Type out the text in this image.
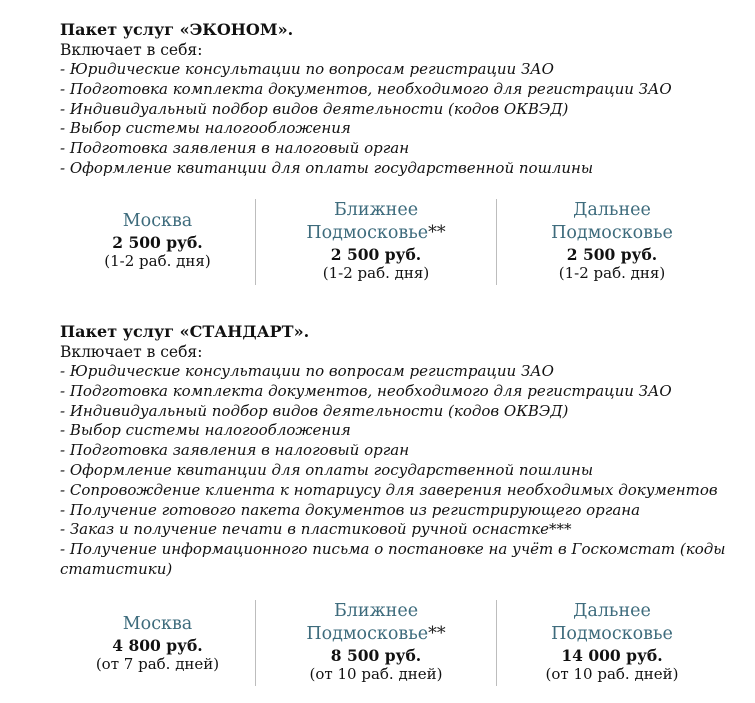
Пакет услуг «ЭКОНОМ».
Включает в себя:
- Юридические консультации по вопросам регистрации ЗАО
- Подготовка комплекта документов, необходимого для регистрации ЗАО
- Индивидуальный подбор видов деятельности (кодов ОКВЭД)
- Выбор системы налогообложения
- Подготовка заявления в налоговый орган
- Оформление квитанции для оплаты государственной пошлины
Москва
2 500 руб.
(1-2 раб. дня)
Ближнее
Подмосковье**
2 500 руб.
(1-2 раб. дня)
Дальнее
Подмосковье
2 500 руб.
(1-2 раб. дня)
Пакет услуг «СТАНДАРТ».
Включает в себя:
- Юридические консультации по вопросам регистрации ЗАО
- Подготовка комплекта документов, необходимого для регистрации ЗАО
- Индивидуальный подбор видов деятельности (кодов ОКВЭД)
- Выбор системы налогообложения
- Подготовка заявления в налоговый орган
- Оформление квитанции для оплаты государственной пошлины
- Сопровождение клиента к нотариусу для заверения необходимых документов
- Получение готового пакета документов из регистрирующего органа
- Заказ и получение печати в пластиковой ручной оснастке***
- Получение информационного письма о постановке на учёт в Госкомстат (коды
статистики)
Москва
4 800 руб.
(от 7 раб. дней)
Ближнее
Подмосковье**
8 500 руб.
(от 10 раб. дней)
Дальнее
Подмосковье
14 000 руб.
(от 10 раб. дней)
